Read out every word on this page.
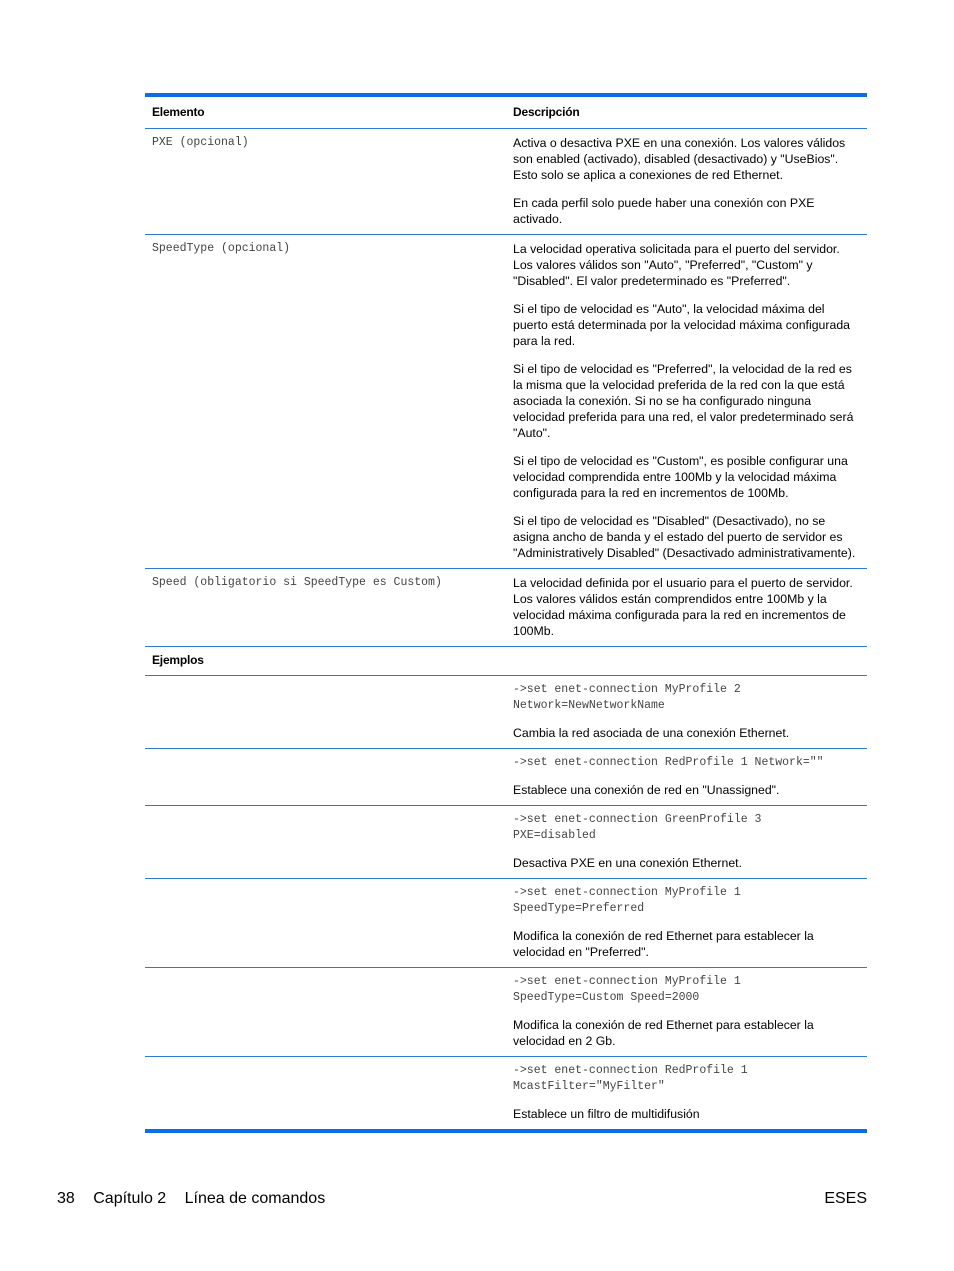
Elemento	Descripción
PXE (opcional)	Activa o desactiva PXE en una conexión. Los valores válidos son enabled (activado), disabled (desactivado) y "UseBios". Esto solo se aplica a conexiones de red Ethernet.

En cada perfil solo puede haber una conexión con PXE activado.

SpeedType (opcional)	La velocidad operativa solicitada para el puerto del servidor. Los valores válidos son "Auto", "Preferred", "Custom" y "Disabled". El valor predeterminado es "Preferred".

Si el tipo de velocidad es "Auto", la velocidad máxima del puerto está determinada por la velocidad máxima configurada para la red.

Si el tipo de velocidad es "Preferred", la velocidad de la red es la misma que la velocidad preferida de la red con la que está asociada la conexión. Si no se ha configurado ninguna velocidad preferida para una red, el valor predeterminado será "Auto".

Si el tipo de velocidad es "Custom", es posible configurar una velocidad comprendida entre 100Mb y la velocidad máxima configurada para la red en incrementos de 100Mb.

Si el tipo de velocidad es "Disabled" (Desactivado), no se asigna ancho de banda y el estado del puerto de servidor es "Administratively Disabled" (Desactivado administrativamente).

Speed (obligatorio si SpeedType es Custom)	La velocidad definida por el usuario para el puerto de servidor. Los valores válidos están comprendidos entre 100Mb y la velocidad máxima configurada para la red en incrementos de 100Mb.

Ejemplos
->set enet-connection MyProfile 2
Network=NewNetworkName

Cambia la red asociada de una conexión Ethernet.

->set enet-connection RedProfile 1 Network=""

Establece una conexión de red en "Unassigned".

->set enet-connection GreenProfile 3
PXE=disabled

Desactiva PXE en una conexión Ethernet.

->set enet-connection MyProfile 1
SpeedType=Preferred

Modifica la conexión de red Ethernet para establecer la velocidad en "Preferred".

->set enet-connection MyProfile 1
SpeedType=Custom Speed=2000

Modifica la conexión de red Ethernet para establecer la velocidad en 2 Gb.

->set enet-connection RedProfile 1
McastFilter="MyFilter"

Establece un filtro de multidifusión

38 Capítulo 2 Línea de comandos	ESES
